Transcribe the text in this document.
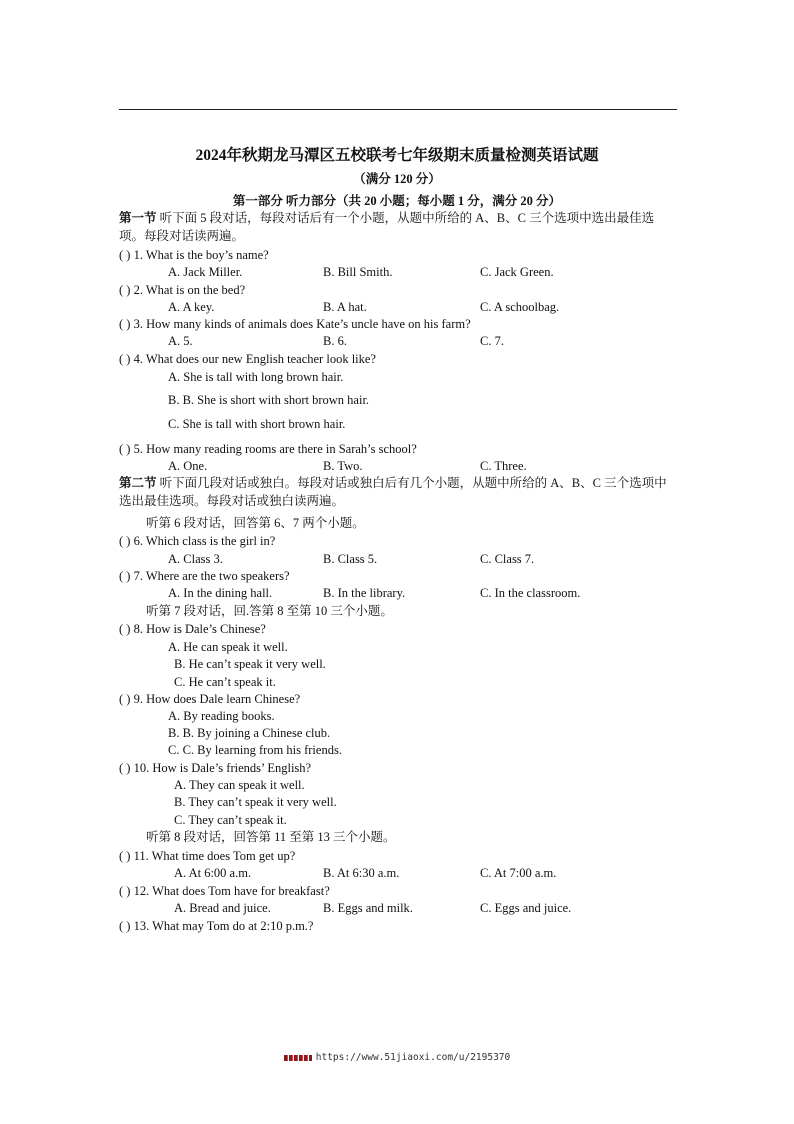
2024年秋期龙马潭区五校联考七年级期末质量检测英语试题
（满分 120 分）
第一部分 听力部分（共 20 小题；每小题 1 分，满分 20 分）
第一节 听下面 5 段对话，每段对话后有一个小题，从题中所给的 A、B、C 三个选项中选出最佳选项。每段对话读两遍。
( ) 1. What is the boy’s name?
A. Jack Miller.	B. Bill Smith.	C. Jack Green.
( ) 2. What is on the bed?
A. A key.	B. A hat.	C. A schoolbag.
( ) 3. How many kinds of animals does Kate’s uncle have on his farm?
A. 5.	B. 6.	C. 7.
( ) 4. What does our new English teacher look like?
A. She is tall with long brown hair.
B. B. She is short with short brown hair.
C. She is tall with short brown hair.
( ) 5. How many reading rooms are there in Sarah’s school?
A. One.	B. Two.	C. Three.
第二节 听下面几段对话或独白。每段对话或独白后有几个小题，从题中所给的 A、B、C 三个选项中选出最佳选项。每段对话或独白读两遍。
听第 6 段对话，回答第 6、7 两个小题。
( ) 6. Which class is the girl in?
A. Class 3.	B. Class 5.	C. Class 7.
( ) 7. Where are the two speakers?
A. In the dining hall.	B. In the library.	C. In the classroom.
听第 7 段对话，回.答第 8 至第 10 三个小题。
( ) 8. How is Dale’s Chinese?
A. He can speak it well.
B. He can’t speak it very well.
C. He can’t speak it.
( ) 9. How does Dale learn Chinese?
A. By reading books.
B. B. By joining a Chinese club.
C. C. By learning from his friends.
( ) 10. How is Dale’s friends’ English?
A. They can speak it well.
B. They can’t speak it very well.
C. They can’t speak it.
听第 8 段对话，回答第 11 至第 13 三个小题。
( ) 11. What time does Tom get up?
A. At 6:00 a.m.	B. At 6:30 a.m.	C. At 7:00 a.m.
( ) 12. What does Tom have for breakfast?
A. Bread and juice.	B. Eggs and milk.	C. Eggs and juice.
( ) 13. What may Tom do at 2:10 p.m.?
https://www.51jiaoxi.com/u/2195370
